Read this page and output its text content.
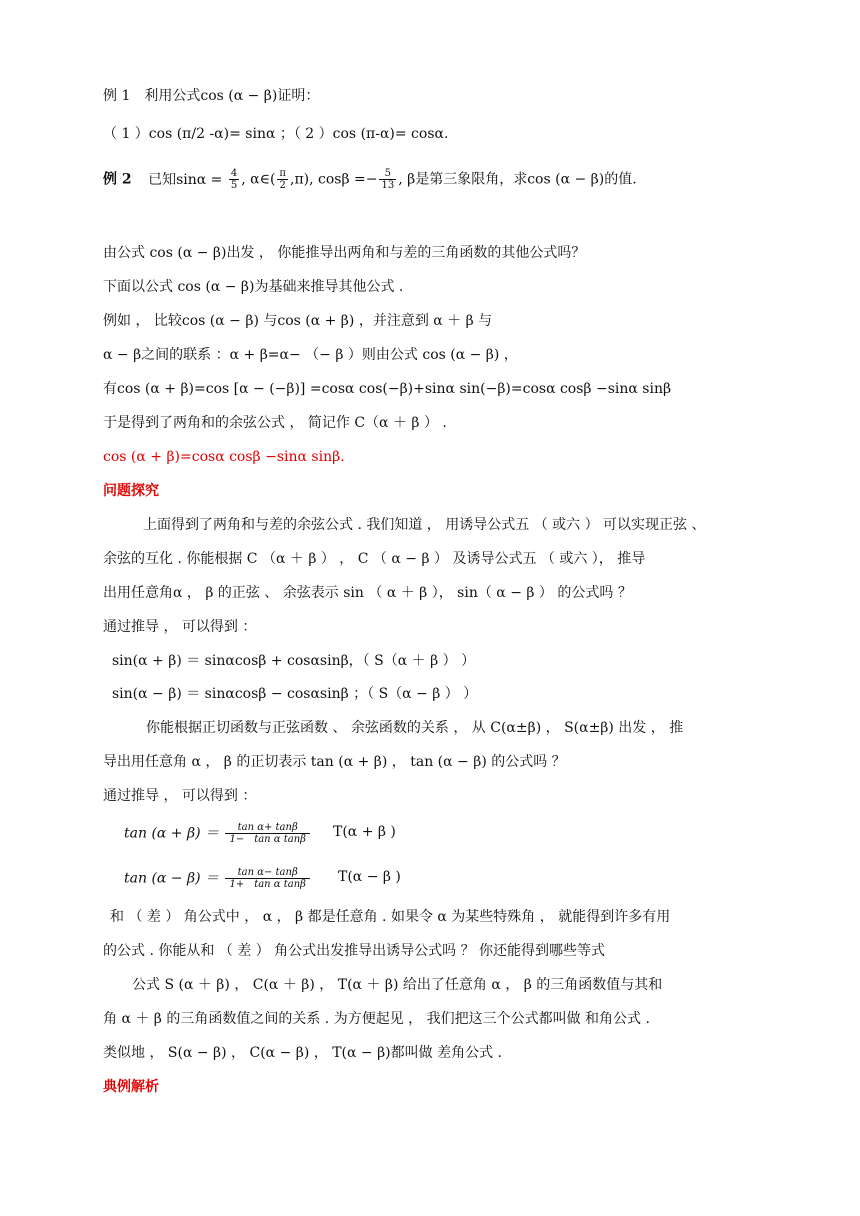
例 1　利用公式cos (α − β)证明：
（ 1 ）cos (π/2 -α)= sinα ；（ 2 ）cos (π-α)= cosα.
例 2 已知$\sin\alpha = \frac{4}{5}$ , α∈( $\frac{\pi}{2} ,\pi$), $\cos\beta =- \frac{5}{13}$ , β是第三象限角，求cos (α − β)的值.
由公式 cos (α − β)出发 ， 你能推导出两角和与差的三角函数的其他公式吗？
下面以公式 cos (α − β)为基础来推导其他公式 .
例如 ， 比较cos (α − β) 与cos (α + β) ，并注意到 α ＋ β 与
α − β之间的联系 ：α + β=α− （− β ）则由公式 cos (α − β) ，
有cos (α + β)=cos [α − (−β)] =cosα cos(−β)+sinα sin(−β)=cosα cosβ −sinα sinβ
于是得到了两角和的余弦公式 ， 简记作 C（α ＋ β ） .
cos (α + β)=cosα cosβ −sinα sinβ.
问题探究
上面得到了两角和与差的余弦公式 . 我们知道 ， 用诱导公式五 （ 或六 ） 可以实现正弦 、
余弦的互化 . 你能根据 C （α ＋ β ） ， C （ α − β ） 及诱导公式五 （ 或六 ）， 推导
出用任意角α ， β 的正弦 、 余弦表示 sin （ α ＋ β ）， sin（ α − β ） 的公式吗 ？
通过推导 ， 可以得到 ：
sin(α + β) ＝ sinαcosβ + cosαsinβ，（ S（α ＋ β ） ）
sin(α − β) ＝ sinαcosβ − cosαsinβ ；（ S（α − β ） ）
你能根据正切函数与正弦函数 、 余弦函数的关系 ， 从 C(α±β) ， S(α±β) 出发 ， 推
导出用任意角 α ， β 的正切表示 tan (α + β) ， tan (α − β) 的公式吗 ？
通过推导 ， 可以得到 ：
$\tan (\alpha + \beta) = \frac{\text{tan α+ tanβ}}{\text{1−　tan α tanβ}} T(\alpha + \beta$ )
$\tan (\alpha - \beta) = \frac{\text{tan α− tanβ}}{\text{1+　tan α tanβ}} T(\alpha - \beta$ )
和 （ 差 ） 角公式中 ， α ， β 都是任意角 . 如果令 α 为某些特殊角 ， 就能得到许多有用
的公式 . 你能从和 （ 差 ） 角公式出发推导出诱导公式吗 ？ 你还能得到哪些等式
公式 S (α ＋ β) ， C(α ＋ β) ， T(α ＋ β) 给出了任意角 α ， β 的三角函数值与其和
角 α ＋ β 的三角函数值之间的关系 . 为方便起见 ， 我们把这三个公式都叫做 和角公式 .
类似地 ， S(α − β) ， C(α − β) ， T(α − β)都叫做 差角公式 .
典例解析
